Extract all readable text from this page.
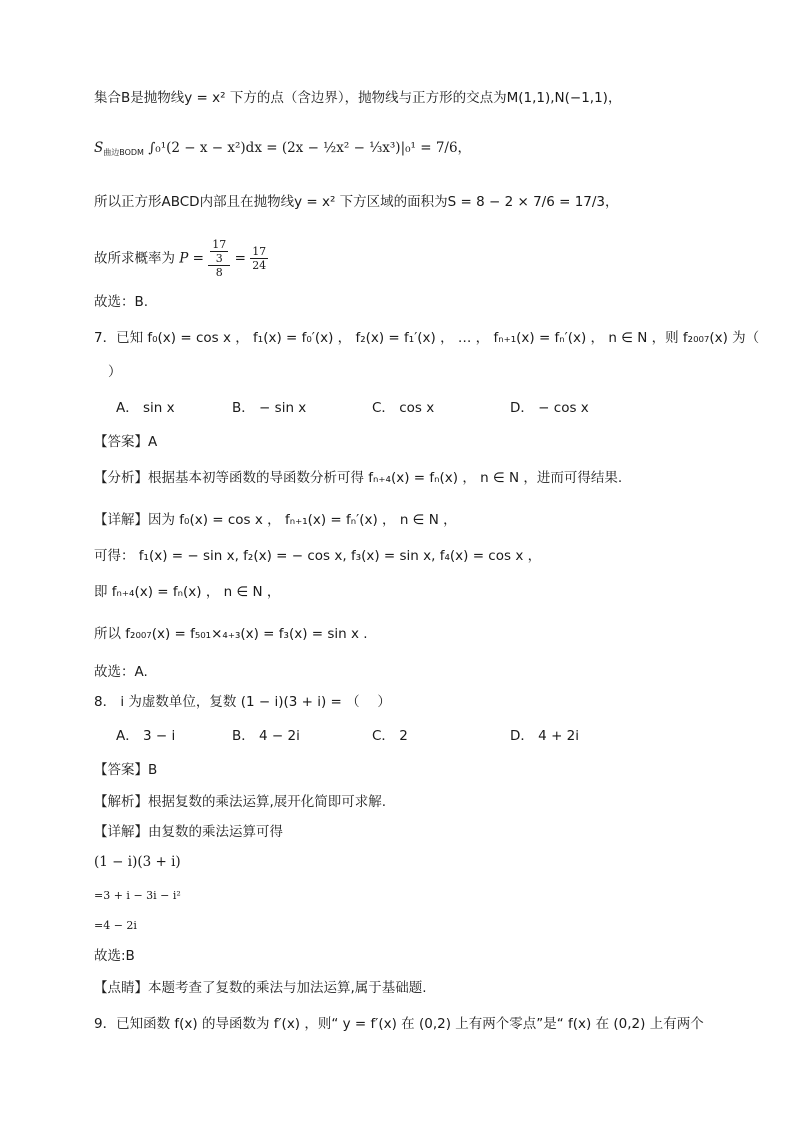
集合B是抛物线y = x² 下方的点（含边界），抛物线与正方形的交点为M(1,1),N(−1,1)，
$S_{曲边BODM}$ ∫₀¹(2 − x − x²)dx = (2x − ½x² − ⅓x³)|₀¹ = 7/6，
所以正方形ABCD内部且在抛物线y = x² 下方区域的面积为S = 8 − 2 × 7/6 = 17/3，
故所求概率为 $P = \frac{\frac{17}{3}}{8} = \frac{17}{24}$
故选：B.
7．已知 f₀(x) = cos x ， f₁(x) = f₀′(x) ， f₂(x) = f₁′(x) ， … ， fₙ₊₁(x) = fₙ′(x) ， n ∈ N ，则 f₂₀₀₇(x) 为（
）
A． sin x	B． − sin x	C． cos x	D． − cos x
【答案】A
【分析】根据基本初等函数的导函数分析可得 fₙ₊₄(x) = fₙ(x) ， n ∈ N ，进而可得结果.
【详解】因为 f₀(x) = cos x ， fₙ₊₁(x) = fₙ′(x) ， n ∈ N ，
可得： f₁(x) = − sin x, f₂(x) = − cos x, f₃(x) = sin x, f₄(x) = cos x ，
即 fₙ₊₄(x) = fₙ(x) ， n ∈ N ，
所以 f₂₀₀₇(x) = f₅₀₁×₄₊₃(x) = f₃(x) = sin x .
故选：A.
8． i 为虚数单位，复数 (1 − i)(3 + i) = （　 ）
A． 3 − i	B． 4 − 2i	C． 2	D． 4 + 2i
【答案】B
【解析】根据复数的乘法运算,展开化简即可求解.
【详解】由复数的乘法运算可得
(1 − i)(3 + i)
=3 + i − 3i − i²
=4 − 2i
故选:B
【点睛】本题考查了复数的乘法与加法运算,属于基础题.
9．已知函数 f(x) 的导函数为 f′(x) ，则“ y = f′(x) 在 (0,2) 上有两个零点”是“ f(x) 在 (0,2) 上有两个
